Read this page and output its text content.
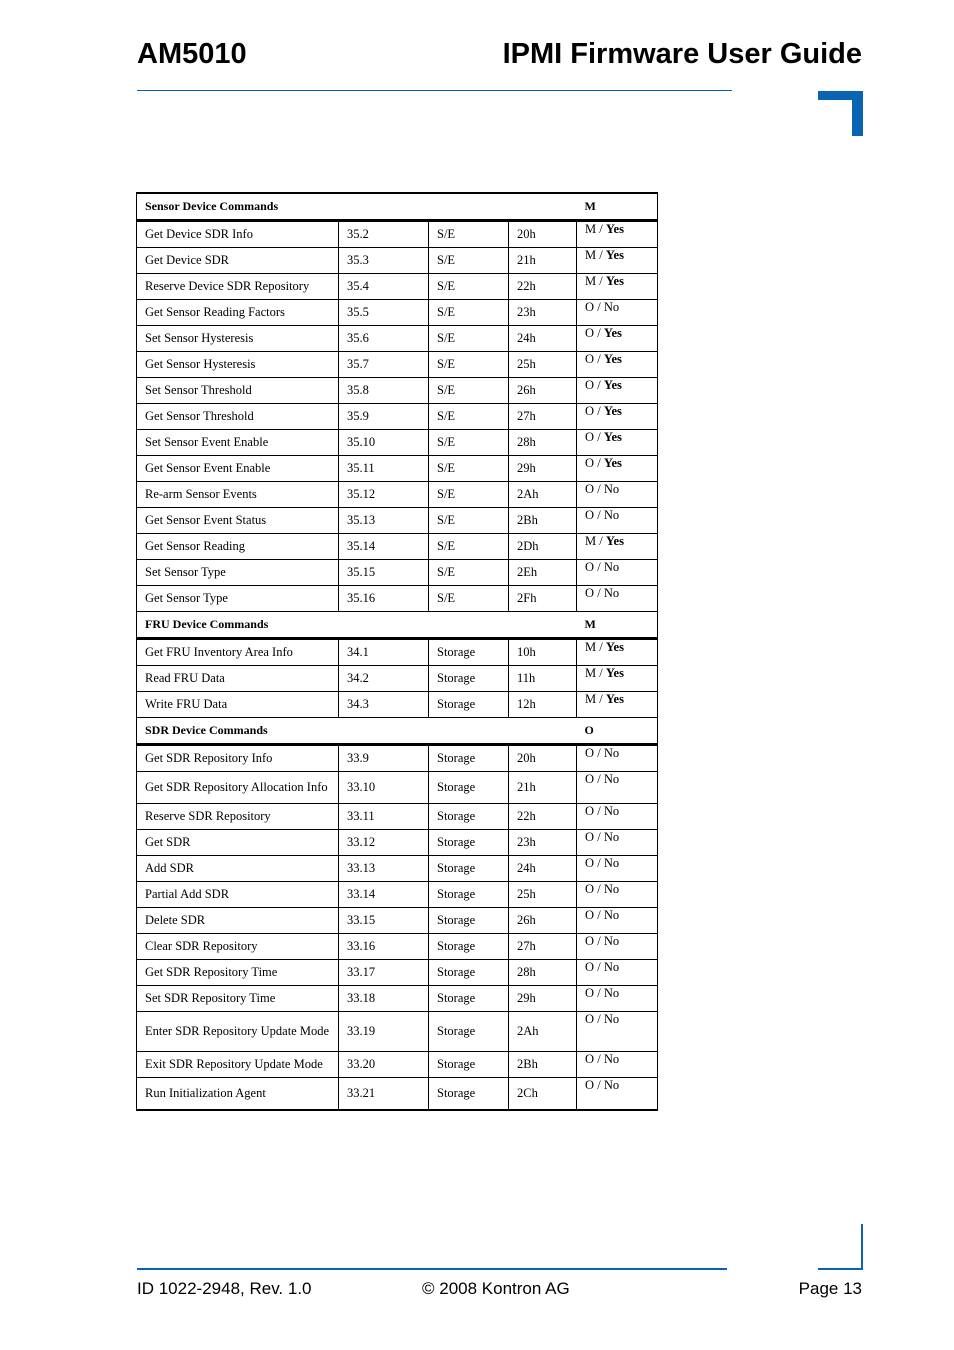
AM5010	IPMI Firmware User Guide
Sensor Device Commands				M
Get Device SDR Info	35.2	S/E	20h	M / Yes
Get Device SDR	35.3	S/E	21h	M / Yes
Reserve Device SDR Repository	35.4	S/E	22h	M / Yes
Get Sensor Reading Factors	35.5	S/E	23h	O / No
Set Sensor Hysteresis	35.6	S/E	24h	O / Yes
Get Sensor Hysteresis	35.7	S/E	25h	O / Yes
Set Sensor Threshold	35.8	S/E	26h	O / Yes
Get Sensor Threshold	35.9	S/E	27h	O / Yes
Set Sensor Event Enable	35.10	S/E	28h	O / Yes
Get Sensor Event Enable	35.11	S/E	29h	O / Yes
Re-arm Sensor Events	35.12	S/E	2Ah	O / No
Get Sensor Event Status	35.13	S/E	2Bh	O / No
Get Sensor Reading	35.14	S/E	2Dh	M / Yes
Set Sensor Type	35.15	S/E	2Eh	O / No
Get Sensor Type	35.16	S/E	2Fh	O / No
FRU Device Commands				M
Get FRU Inventory Area Info	34.1	Storage	10h	M / Yes
Read FRU Data	34.2	Storage	11h	M / Yes
Write FRU Data	34.3	Storage	12h	M / Yes
SDR Device Commands				O
Get SDR Repository Info	33.9	Storage	20h	O / No
Get SDR Repository Allocation Info	33.10	Storage	21h	O / No
Reserve SDR Repository	33.11	Storage	22h	O / No
Get SDR	33.12	Storage	23h	O / No
Add SDR	33.13	Storage	24h	O / No
Partial Add SDR	33.14	Storage	25h	O / No
Delete SDR	33.15	Storage	26h	O / No
Clear SDR Repository	33.16	Storage	27h	O / No
Get SDR Repository Time	33.17	Storage	28h	O / No
Set SDR Repository Time	33.18	Storage	29h	O / No
Enter SDR Repository Update Mode	33.19	Storage	2Ah	O / No
Exit SDR Repository Update Mode	33.20	Storage	2Bh	O / No
Run Initialization Agent	33.21	Storage	2Ch	O / No
ID 1022-2948, Rev. 1.0	© 2008 Kontron AG	Page 13
